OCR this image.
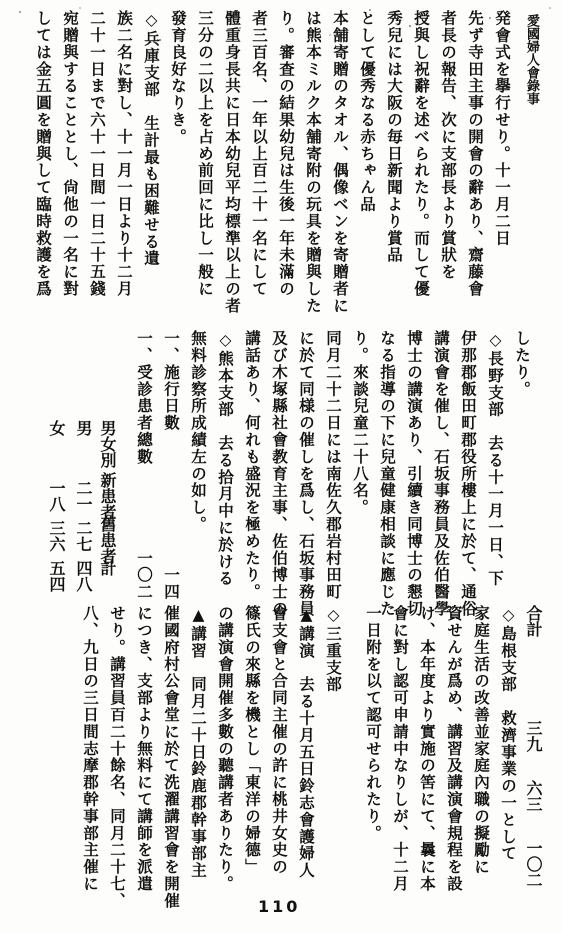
愛國婦人會錄事
発會式を擧行せり。十一月二日
先ず寺田主事の開會の辭あり、齋藤會
者長の報告、次に支部長より賞狀を
授與し祝辭を述べられたり。而して優
秀兒には大阪の毎日新聞より賞品
として優秀なる赤ちゃん品
本舗寄贈のタオル、偶像ベンを寄贈者に
は熊本ミルク本舗寄附の玩具を贈與した
り。審査の結果幼兒は生後一年未滿の
者三百名、一年以上百二十一名にして
體重身長共に日本幼兒平均標準以上の者
三分の二以上を占め前回に比し一般に
發育良好なりき。
◇兵庫支部　生計最も困難せる遺
族二名に對し、十一月一日より十二月
二十一日まで六十一日間一日二十五錢
宛贈與することとし、尙他の一名に對
しては金五圓を贈與して臨時救護を爲
したり。
◇長野支部　去る十一月一日、下
伊那郡飯田町郡役所樓上に於て、通俗
講演會を催し、石坂事務員及佐伯醫學
博士の講演あり、引續き同博士の懇切
なる指導の下に兒童健康相談に應じた
り。來談兒童二十八名。
同月二十二日には南佐久郡岩村田町
に於て同様の催しを爲し、石坂事務員
及び木塚縣社會教育主事、佐伯博士の
講話あり、何れも盛況を極めたり。
◇熊本支部　去る拾月中に於ける
無料診察所成績左の如し。
一、施行日數　　　　　　　　一四
一、受診患者總數　　　　　一〇二
男女別
新患者
舊患者
計
男
二一
二七
四八
女
一八
三六
五四
合計
三九
六三
一〇二
◇島根支部　救濟事業の一として
家庭生活の改善並家庭內職の擬勵に
資せんが爲め、講習及講演會規程を設
け、本年度より實施の筈にて、曩に本
會に對し認可申請中なりしが、十二月
一日附を以て認可せられたり。
◇三重支部
▲講演　去る十月五日鈴志會護婦人
會支會と合同主催の許に桃井女史の
篠氏の來縣を機とし「東洋の婦德」
の講演會開催多數の聽講者ありたり。
▲講習　同月二十日鈴鹿郡幹事部主
催國府村公會堂に於て洗濯講習會を開催
につき、支部より無料にて講師を派遣
せり。講習員百二十餘名、同月二十七、
八、九日の三日間志摩郡幹事部主催に
110
